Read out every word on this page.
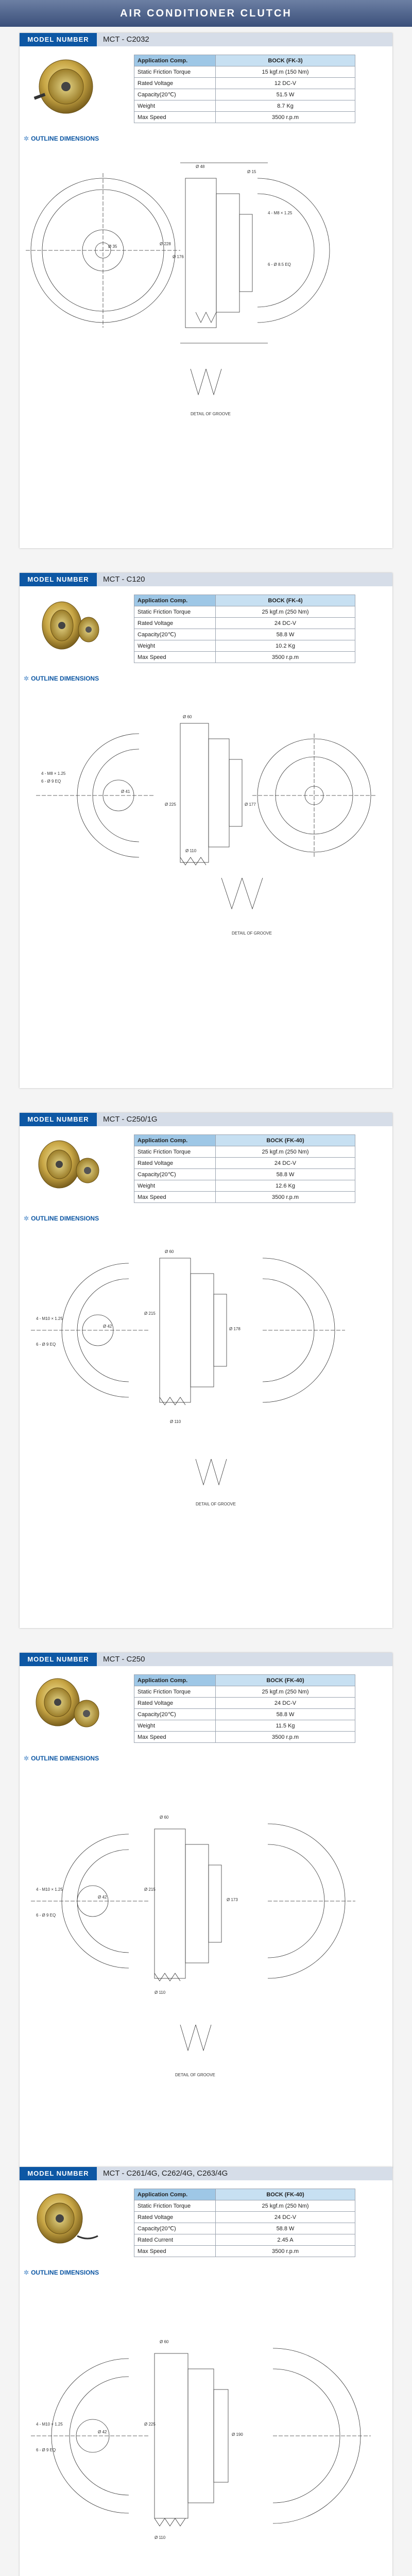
AIR CONDITIONER CLUTCH
MODEL NUMBER	MCT - C2032
Application Comp.	BOCK (FK-3)
Static Friction Torque	15 kgf.m (150 Nm)
Rated Voltage	12 DC-V
Capacity(20℃)	51.5 W
Weight	8.7 Kg
Max Speed	3500 r.p.m
✲ OUTLINE DIMENSIONS
4 - M8 × 1.25
6 - Ø 8.5 EQ
Ø 228
Ø 176
Ø 48
Ø 35
Ø 15
DETAIL OF GROOVE
MODEL NUMBER	MCT - C120
Application Comp.	BOCK (FK-4)
Static Friction Torque	25 kgf.m (250 Nm)
Rated Voltage	24 DC-V
Capacity(20℃)	58.8 W
Weight	10.2 Kg
Max Speed	3500 r.p.m
✲ OUTLINE DIMENSIONS
4 - M8 × 1.25
6 - Ø 9 EQ
Ø 225	Ø 177
Ø 60
Ø 41
Ø 110
DETAIL OF GROOVE
MODEL NUMBER	MCT - C250/1G
Application Comp.	BOCK (FK-40)
Static Friction Torque	25 kgf.m (250 Nm)
Rated Voltage	24 DC-V
Capacity(20℃)	58.8 W
Weight	12.6 Kg
Max Speed	3500 r.p.m
✲ OUTLINE DIMENSIONS
4 - M10 × 1.25
6 - Ø 9 EQ
Ø 215
Ø 178
Ø 60
Ø 42
Ø 110
DETAIL OF GROOVE
MODEL NUMBER	MCT - C250
Application Comp.	BOCK (FK-40)
Static Friction Torque	25 kgf.m (250 Nm)
Rated Voltage	24 DC-V
Capacity(20℃)	58.8 W
Weight	11.5 Kg
Max Speed	3500 r.p.m
✲ OUTLINE DIMENSIONS
4 - M10 × 1.25
6 - Ø 9 EQ
Ø 215
Ø 173
Ø 60
Ø 42
Ø 110
DETAIL OF GROOVE
MODEL NUMBER	MCT - C261/4G, C262/4G, C263/4G
Application Comp.	BOCK (FK-40)
Static Friction Torque	25 kgf.m (250 Nm)
Rated Voltage	24 DC-V
Capacity(20℃)	58.8 W
Rated Current	2.45 A
Max Speed	3500 r.p.m
✲ OUTLINE DIMENSIONS
4 - M10 × 1.25
6 - Ø 9 EQ
Ø 225
Ø 190
Ø 60
Ø 42
Ø 110
